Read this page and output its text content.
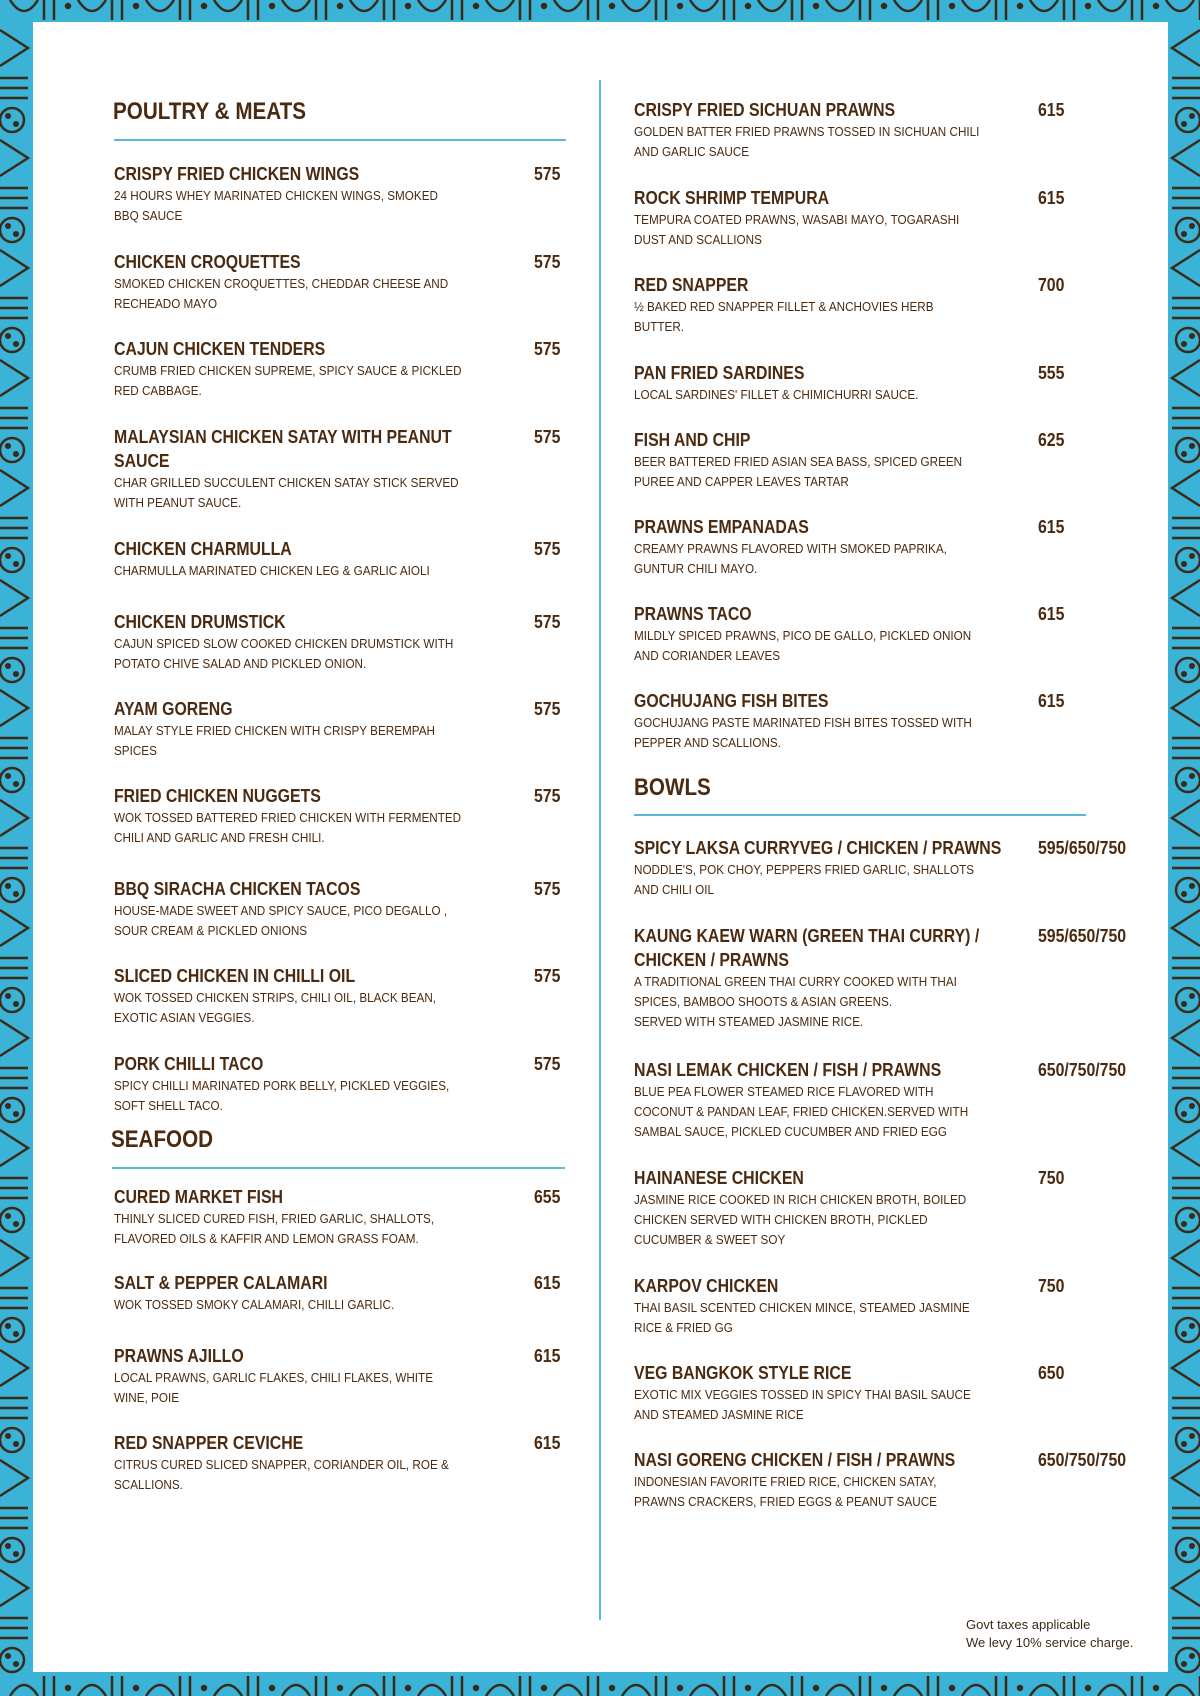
POULTRY & MEATS
CRISPY FRIED CHICKEN WINGS
24 HOURS WHEY MARINATED CHICKEN WINGS, SMOKED
BBQ SAUCE
575
CHICKEN CROQUETTES
SMOKED CHICKEN CROQUETTES, CHEDDAR CHEESE AND
RECHEADO MAYO
575
CAJUN CHICKEN TENDERS
CRUMB FRIED CHICKEN SUPREME, SPICY SAUCE & PICKLED
RED CABBAGE.
575
MALAYSIAN CHICKEN SATAY WITH PEANUT
SAUCE
CHAR GRILLED SUCCULENT CHICKEN SATAY STICK SERVED
WITH PEANUT SAUCE.
575
CHICKEN CHARMULLA
CHARMULLA MARINATED CHICKEN LEG & GARLIC AIOLI
575
CHICKEN DRUMSTICK
CAJUN SPICED SLOW COOKED CHICKEN DRUMSTICK WITH
POTATO CHIVE SALAD AND PICKLED ONION.
575
AYAM GORENG
MALAY STYLE FRIED CHICKEN WITH CRISPY BEREMPAH
SPICES
575
FRIED CHICKEN NUGGETS
WOK TOSSED BATTERED FRIED CHICKEN WITH FERMENTED
CHILI AND GARLIC AND FRESH CHILI.
575
BBQ SIRACHA CHICKEN TACOS
HOUSE-MADE SWEET AND SPICY SAUCE, PICO DEGALLO ,
SOUR CREAM & PICKLED ONIONS
575
SLICED CHICKEN IN CHILLI OIL
WOK TOSSED CHICKEN STRIPS, CHILI OIL, BLACK BEAN,
EXOTIC ASIAN VEGGIES.
575
PORK CHILLI TACO
SPICY CHILLI MARINATED PORK BELLY, PICKLED VEGGIES,
SOFT SHELL TACO.
575
SEAFOOD
CURED MARKET FISH
THINLY SLICED CURED FISH, FRIED GARLIC, SHALLOTS,
FLAVORED OILS & KAFFIR AND LEMON GRASS FOAM.
655
SALT & PEPPER CALAMARI
WOK TOSSED SMOKY CALAMARI, CHILLI GARLIC.
615
PRAWNS AJILLO
LOCAL PRAWNS, GARLIC FLAKES, CHILI FLAKES, WHITE
WINE, POIE
615
RED SNAPPER CEVICHE
CITRUS CURED SLICED SNAPPER, CORIANDER OIL, ROE &
SCALLIONS.
615
CRISPY FRIED SICHUAN PRAWNS
GOLDEN BATTER FRIED PRAWNS TOSSED IN SICHUAN CHILI
AND GARLIC SAUCE
615
ROCK SHRIMP TEMPURA
TEMPURA COATED PRAWNS, WASABI MAYO, TOGARASHI
DUST AND SCALLIONS
615
RED SNAPPER
½ BAKED RED SNAPPER FILLET & ANCHOVIES HERB
BUTTER.
700
PAN FRIED SARDINES
LOCAL SARDINES' FILLET & CHIMICHURRI SAUCE.
555
FISH AND CHIP
BEER BATTERED FRIED ASIAN SEA BASS, SPICED GREEN
PUREE AND CAPPER LEAVES TARTAR
625
PRAWNS EMPANADAS
CREAMY PRAWNS FLAVORED WITH SMOKED PAPRIKA,
GUNTUR CHILI MAYO.
615
PRAWNS TACO
MILDLY SPICED PRAWNS, PICO DE GALLO, PICKLED ONION
AND CORIANDER LEAVES
615
GOCHUJANG FISH BITES
GOCHUJANG PASTE MARINATED FISH BITES TOSSED WITH
PEPPER AND SCALLIONS.
615
BOWLS
SPICY LAKSA CURRYVEG / CHICKEN / PRAWNS
NODDLE'S, POK CHOY, PEPPERS FRIED GARLIC, SHALLOTS
AND CHILI OIL
595/650/750
KAUNG KAEW WARN (GREEN THAI CURRY) /
CHICKEN / PRAWNS
A TRADITIONAL GREEN THAI CURRY COOKED WITH THAI
SPICES, BAMBOO SHOOTS & ASIAN GREENS.
SERVED WITH STEAMED JASMINE RICE.
595/650/750
NASI LEMAK CHICKEN / FISH / PRAWNS
BLUE PEA FLOWER STEAMED RICE FLAVORED WITH
COCONUT & PANDAN LEAF, FRIED CHICKEN.SERVED WITH
SAMBAL SAUCE, PICKLED CUCUMBER AND FRIED EGG
650/750/750
HAINANESE CHICKEN
JASMINE RICE COOKED IN RICH CHICKEN BROTH, BOILED
CHICKEN SERVED WITH CHICKEN BROTH, PICKLED
CUCUMBER & SWEET SOY
750
KARPOV CHICKEN
THAI BASIL SCENTED CHICKEN MINCE, STEAMED JASMINE
RICE & FRIED GG
750
VEG BANGKOK STYLE RICE
EXOTIC MIX VEGGIES TOSSED IN SPICY THAI BASIL SAUCE
AND STEAMED JASMINE RICE
650
NASI GORENG CHICKEN / FISH / PRAWNS
INDONESIAN FAVORITE FRIED RICE, CHICKEN SATAY,
PRAWNS CRACKERS, FRIED EGGS & PEANUT SAUCE
650/750/750
Govt taxes applicable
We levy 10% service charge.
